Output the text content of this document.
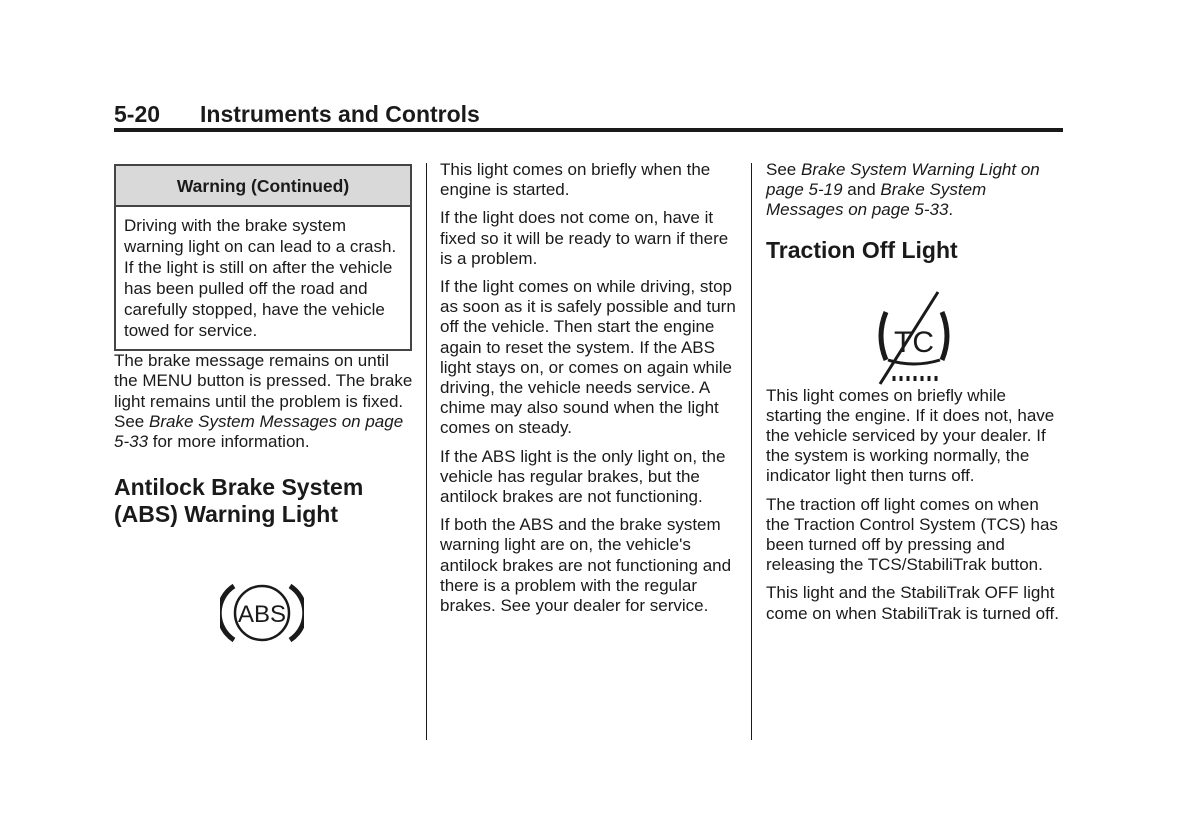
5-20 Instruments and Controls
Warning (Continued)
Driving with the brake system warning light on can lead to a crash. If the light is still on after the vehicle has been pulled off the road and carefully stopped, have the vehicle towed for service.

The brake message remains on until the MENU button is pressed. The brake light remains until the problem is fixed. See Brake System Messages on page 5‑33 for more information.

Antilock Brake System (ABS) Warning Light
ABS

This light comes on briefly when the engine is started.

If the light does not come on, have it fixed so it will be ready to warn if there is a problem.

If the light comes on while driving, stop as soon as it is safely possible and turn off the vehicle. Then start the engine again to reset the system. If the ABS light stays on, or comes on again while driving, the vehicle needs service. A chime may also sound when the light comes on steady.

If the ABS light is the only light on, the vehicle has regular brakes, but the antilock brakes are not functioning.

If both the ABS and the brake system warning light are on, the vehicle's antilock brakes are not functioning and there is a problem with the regular brakes. See your dealer for service.

See Brake System Warning Light on page 5‑19 and Brake System Messages on page 5‑33.

Traction Off Light
TC

This light comes on briefly while starting the engine. If it does not, have the vehicle serviced by your dealer. If the system is working normally, the indicator light then turns off.

The traction off light comes on when the Traction Control System (TCS) has been turned off by pressing and releasing the TCS/StabiliTrak button.

This light and the StabiliTrak OFF light come on when StabiliTrak is turned off.
